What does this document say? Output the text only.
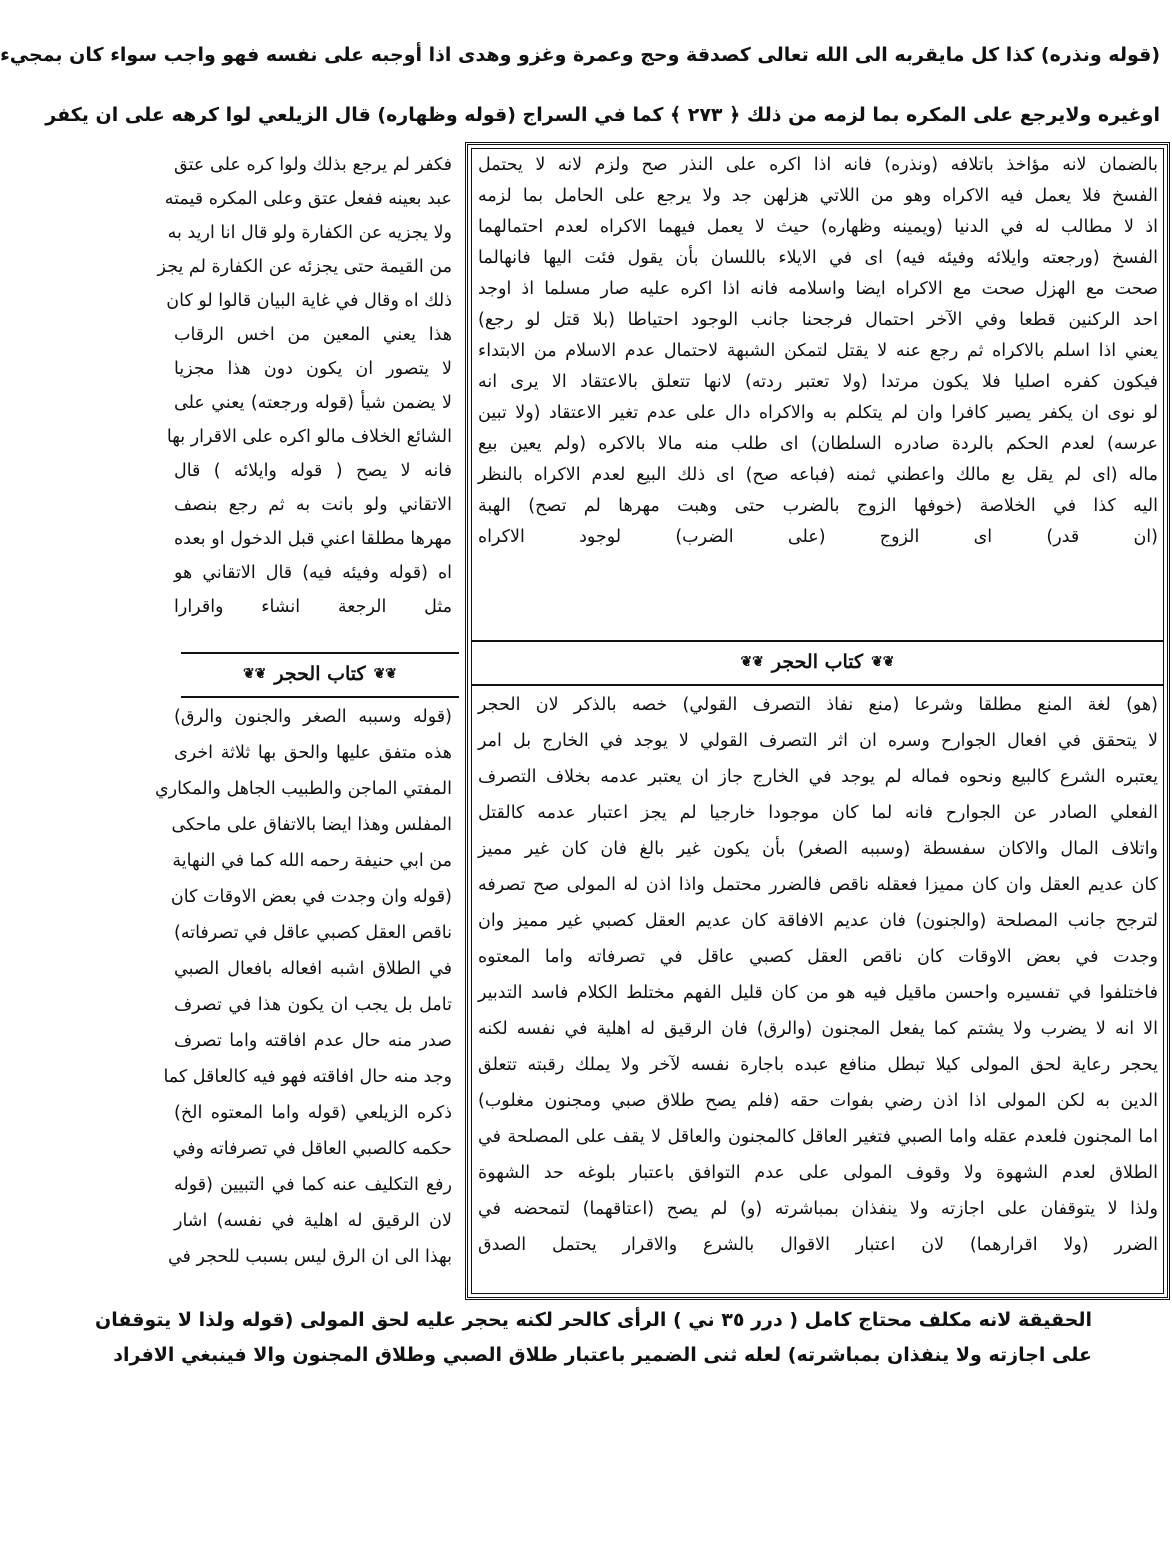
(قوله ونذره) كذا كل مايقربه الى الله تعالى كصدقة وحج وعمرة وغزو وهدى اذا أوجبه على نفسه فهو واجب سواء كان بمجيء
اوغيره ولايرجع على المكره بما لزمه من ذلك ﴿ ٢٧٣ ﴾ كما في السراج (قوله وظهاره) قال الزيلعي لوا كرهه على ان يكفر
بالضمان لانه مؤاخذ باتلافه (ونذره) فانه اذا اكره على النذر صح ولزم لانه لا يحتمل
الفسخ فلا يعمل فيه الاكراه وهو من اللاتي هزلهن جد ولا يرجع على الحامل بما لزمه
اذ لا مطالب له في الدنيا (ويمينه وظهاره) حيث لا يعمل فيهما الاكراه لعدم احتمالهما
الفسخ (ورجعته وايلائه وفيئه فيه) اى في الايلاء باللسان بأن يقول فئت اليها فانهالما
صحت مع الهزل صحت مع الاكراه ايضا واسلامه فانه اذا اكره عليه صار مسلما اذ اوجد
احد الركنين قطعا وفي الآخر احتمال فرجحنا جانب الوجود احتياطا (بلا قتل لو رجع)
يعني اذا اسلم بالاكراه ثم رجع عنه لا يقتل لتمكن الشبهة لاحتمال عدم الاسلام من الابتداء
فيكون كفره اصليا فلا يكون مرتدا (ولا تعتبر ردته) لانها تتعلق بالاعتقاد الا يرى انه
لو نوى ان يكفر يصير كافرا وان لم يتكلم به والاكراه دال على عدم تغير الاعتقاد (ولا تبين
عرسه) لعدم الحكم بالردة صادره السلطان) اى طلب منه مالا بالاكره (ولم يعين بيع
ماله (اى لم يقل بع مالك واعطني ثمنه (فباعه صح) اى ذلك البيع لعدم الاكراه بالنظر
اليه كذا في الخلاصة (خوفها الزوج بالضرب حتى وهبت مهرها لم تصح) الهبة
(ان قدر) اى الزوج (على الضرب) لوجود الاكراه
❦❦
كتاب الحجر
❦❦
(هو) لغة المنع مطلقا وشرعا (منع نفاذ التصرف القولي) خصه بالذكر لان الحجر
لا يتحقق في افعال الجوارح وسره ان اثر التصرف القولي لا يوجد في الخارج بل امر
يعتبره الشرع كالبيع ونحوه فماله لم يوجد في الخارج جاز ان يعتبر عدمه بخلاف التصرف
الفعلي الصادر عن الجوارح فانه لما كان موجودا خارجيا لم يجز اعتبار عدمه كالقتل
واتلاف المال والاكان سفسطة (وسببه الصغر) بأن يكون غير بالغ فان كان غير مميز
كان عديم العقل وان كان مميزا فعقله ناقص فالضرر محتمل واذا اذن له المولى صح تصرفه
لترجح جانب المصلحة (والجنون) فان عديم الافاقة كان عديم العقل كصبي غير مميز وان
وجدت في بعض الاوقات كان ناقص العقل كصبي عاقل في تصرفاته واما المعتوه
فاختلفوا في تفسيره واحسن ماقيل فيه هو من كان قليل الفهم مختلط الكلام فاسد التدبير
الا انه لا يضرب ولا يشتم كما يفعل المجنون (والرق) فان الرقيق له اهلية في نفسه لكنه
يحجر رعاية لحق المولى كيلا تبطل منافع عبده باجارة نفسه لآخر ولا يملك رقبته تتعلق
الدين به لكن المولى اذا اذن رضي بفوات حقه (فلم يصح طلاق صبي ومجنون مغلوب)
اما المجنون فلعدم عقله واما الصبي فتغير العاقل كالمجنون والعاقل لا يقف على المصلحة في
الطلاق لعدم الشهوة ولا وقوف المولى على عدم التوافق باعتبار بلوغه حد الشهوة
ولذا لا يتوقفان على اجازته ولا ينفذان بمباشرته (و) لم يصح (اعتاقهما) لتمحضه في
الضرر (ولا اقرارهما) لان اعتبار الاقوال بالشرع والاقرار يحتمل الصدق
فكفر لم يرجع بذلك ولوا كره على عتق
عبد بعينه ففعل عتق وعلى المكره قيمته
ولا يجزيه عن الكفارة ولو قال انا اريد به
من القيمة حتى يجزئه عن الكفارة لم يجز
ذلك اه وقال في غاية البيان قالوا لو كان
هذا يعني المعين من اخس الرقاب
لا يتصور ان يكون دون هذا مجزيا
لا يضمن شيأ (قوله ورجعته) يعني على
الشائع الخلاف مالو اكره على الاقرار بها
فانه لا يصح ( قوله وايلائه ) قال
الاتقاني ولو بانت به ثم رجع بنصف
مهرها مطلقا اعني قبل الدخول او بعده
اه (قوله وفيئه فيه) قال الاتقاني هو
مثل الرجعة انشاء واقرارا
❦❦
كتاب الحجر
❦❦
(قوله وسببه الصغر والجنون والرق)
هذه متفق عليها والحق بها ثلاثة اخرى
المفتي الماجن والطبيب الجاهل والمكاري
المفلس وهذا ايضا بالاتفاق على ماحكى
من ابي حنيفة رحمه الله كما في النهاية
(قوله وان وجدت في بعض الاوقات كان
ناقص العقل كصبي عاقل في تصرفاته)
في الطلاق اشبه افعاله بافعال الصبي
تامل بل يجب ان يكون هذا في تصرف
صدر منه حال عدم افاقته واما تصرف
وجد منه حال افاقته فهو فيه كالعاقل كما
ذكره الزيلعي (قوله واما المعتوه الخ)
حكمه كالصبي العاقل في تصرفاته وفي
رفع التكليف عنه كما في التبيين (قوله
لان الرقيق له اهلية في نفسه) اشار
بهذا الى ان الرق ليس بسبب للحجر في
الحقيقة لانه مكلف محتاج كامل ( درر ٣٥ ني ) الرأى كالحر لكنه يحجر عليه لحق المولى (قوله ولذا لا يتوقفان
على اجازته ولا ينفذان بمباشرته) لعله ثنى الضمير باعتبار طلاق الصبي وطلاق المجنون والا فينبغي الافراد
